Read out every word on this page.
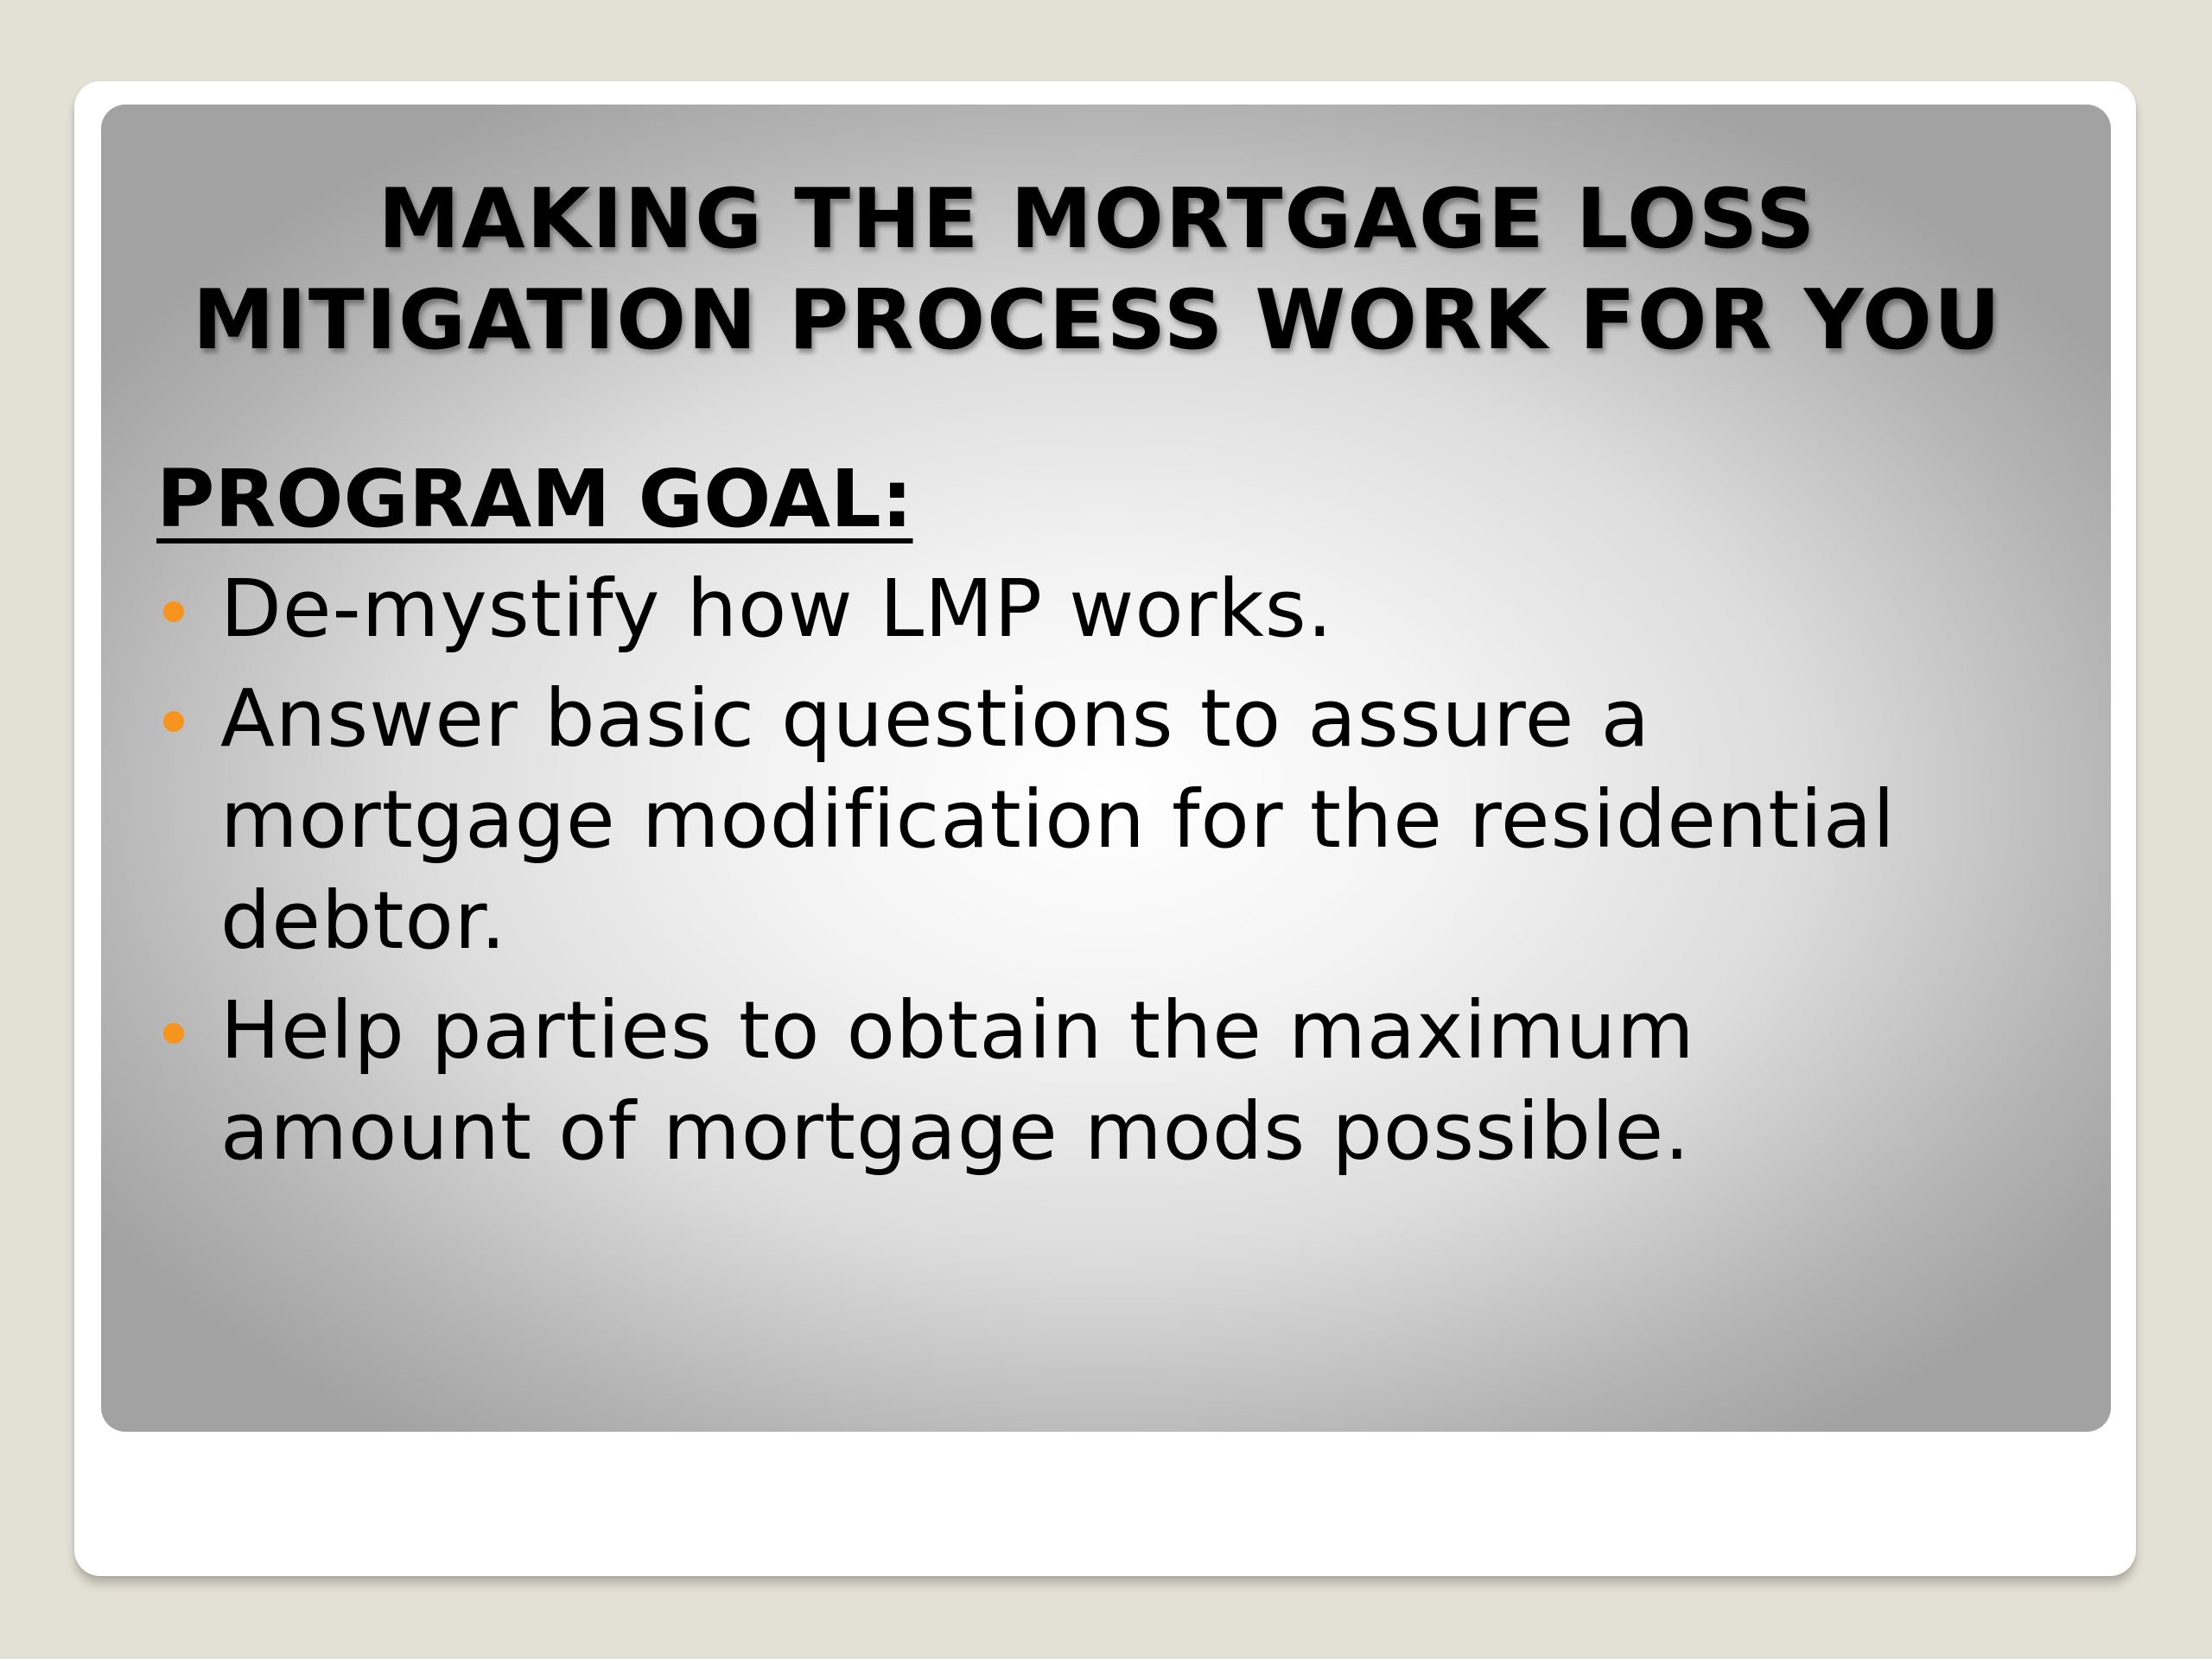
MAKING THE MORTGAGE LOSS
MITIGATION PROCESS WORK FOR YOU
PROGRAM GOAL:
De-mystify how LMP works.
Answer basic questions to assure a
mortgage modification for the residential
debtor.
Help parties to obtain the maximum
amount of mortgage mods possible.
